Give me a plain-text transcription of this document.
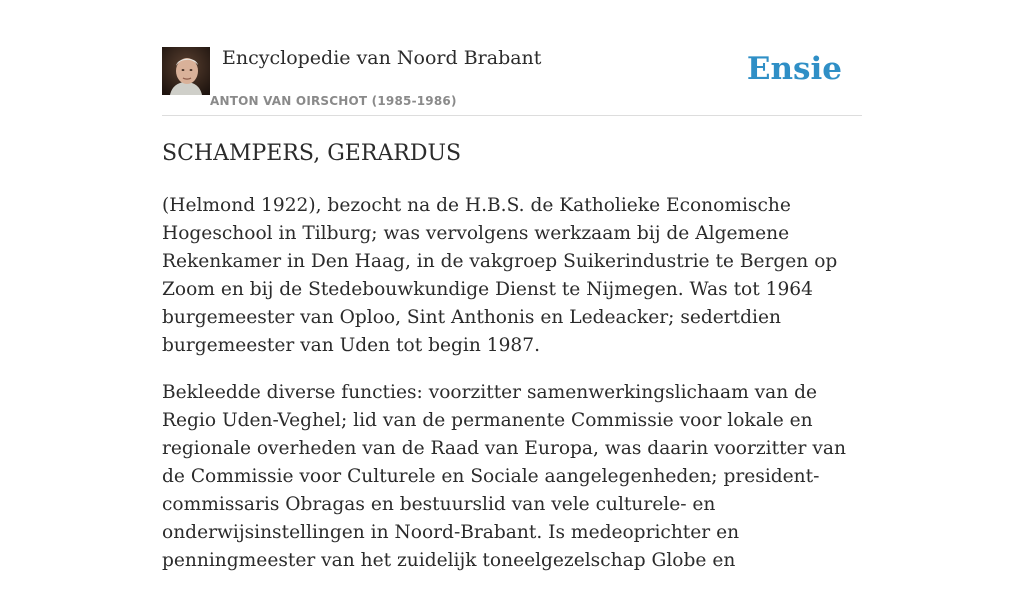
Encyclopedie van Noord Brabant
ANTON VAN OIRSCHOT (1985-1986)
Ensie
SCHAMPERS, GERARDUS

(Helmond 1922), bezocht na de H.B.S. de Katholieke Economische Hogeschool in Tilburg; was vervolgens werkzaam bij de Algemene Rekenkamer in Den Haag, in de vakgroep Suikerindustrie te Bergen op Zoom en bij de Stedebouwkundige Dienst te Nijmegen. Was tot 1964 burgemeester van Oploo, Sint Anthonis en Ledeacker; sedertdien burgemeester van Uden tot begin 1987.

Bekleedde diverse functies: voorzitter samenwerkingslichaam van de Regio Uden-Veghel; lid van de permanente Commissie voor lokale en regionale overheden van de Raad van Europa, was daarin voorzitter van de Commissie voor Culturele en Sociale aangelegenheden; president-commissaris Obragas en bestuurslid van vele culturele- en onderwijsinstellingen in Noord-Brabant. Is medeoprichter en penningmeester van het zuidelijk toneelgezelschap Globe en
